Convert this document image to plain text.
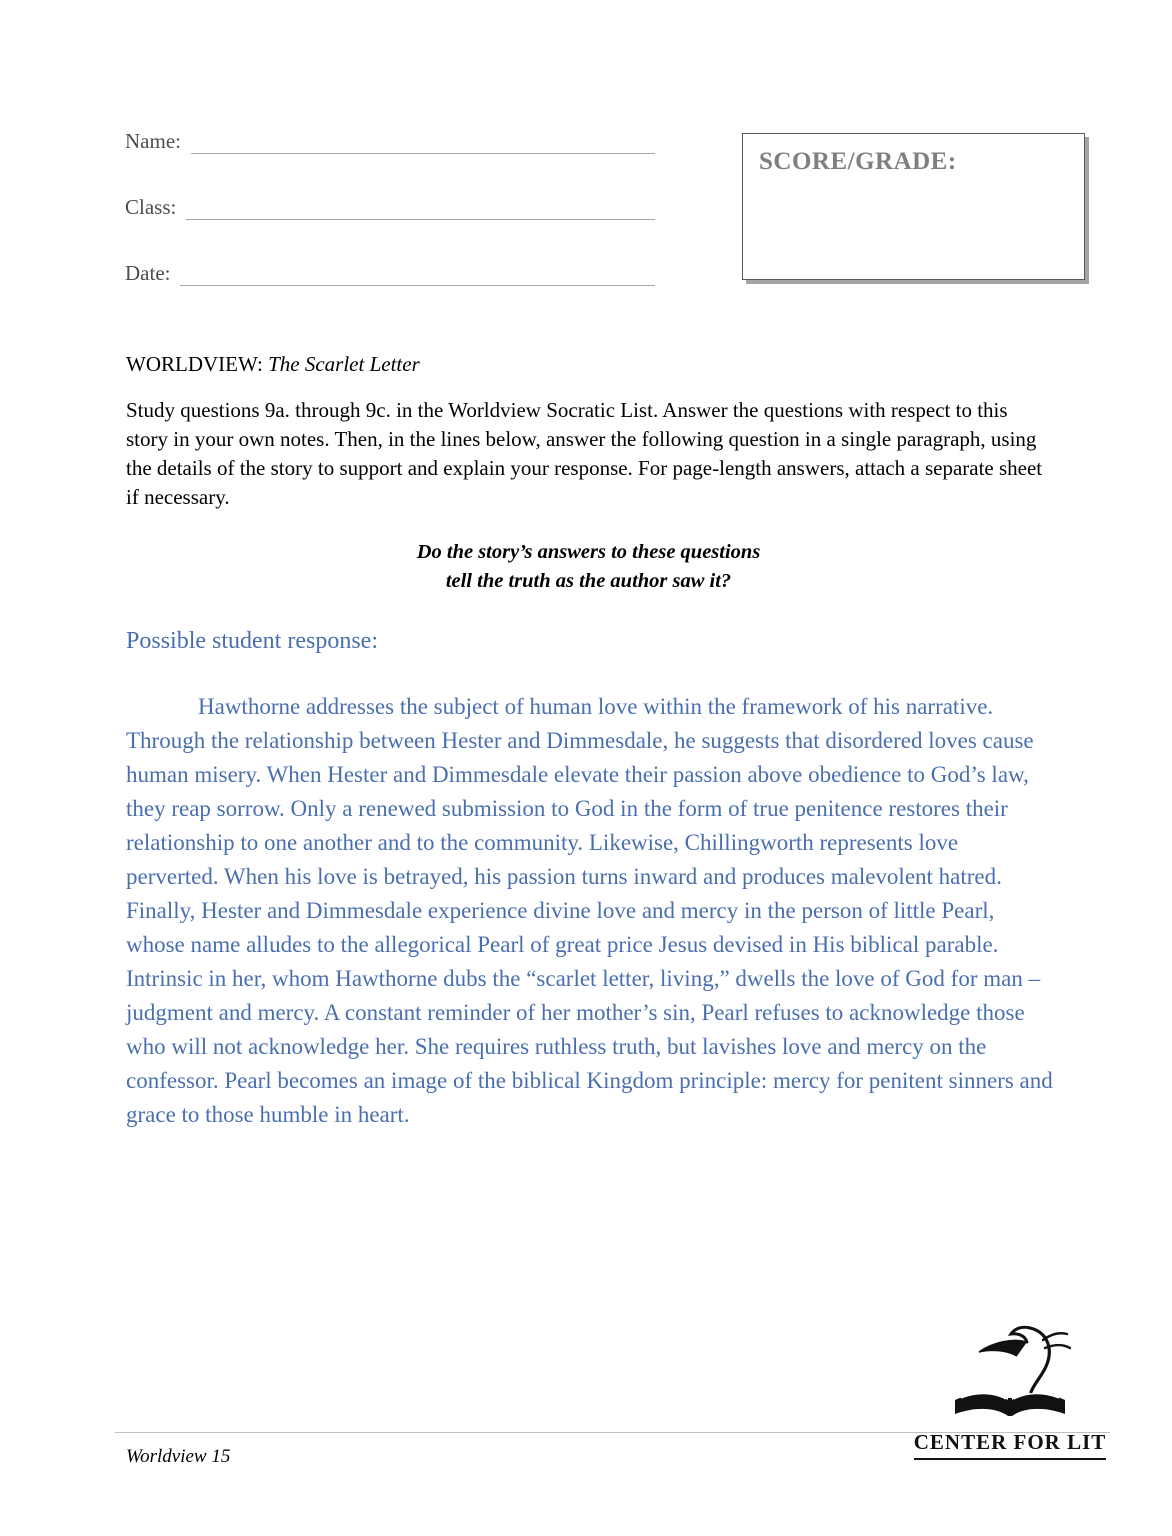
Name:
Class:
Date:
SCORE/GRADE:
WORLDVIEW: The Scarlet Letter
Study questions 9a. through 9c. in the Worldview Socratic List. Answer the questions with respect to this story in your own notes. Then, in the lines below, answer the following question in a single paragraph, using the details of the story to support and explain your response. For page-length answers, attach a separate sheet if necessary.
Do the story’s answers to these questions
tell the truth as the author saw it?
Possible student response:
Hawthorne addresses the subject of human love within the framework of his narrative. Through the relationship between Hester and Dimmesdale, he suggests that disordered loves cause human misery. When Hester and Dimmesdale elevate their passion above obedience to God’s law, they reap sorrow. Only a renewed submission to God in the form of true penitence restores their relationship to one another and to the community. Likewise, Chillingworth represents love perverted. When his love is betrayed, his passion turns inward and produces malevolent hatred. Finally, Hester and Dimmesdale experience divine love and mercy in the person of little Pearl, whose name alludes to the allegorical Pearl of great price Jesus devised in His biblical parable. Intrinsic in her, whom Hawthorne dubs the “scarlet letter, living,” dwells the love of God for man –judgment and mercy. A constant reminder of her mother’s sin, Pearl refuses to acknowledge those who will not acknowledge her. She requires ruthless truth, but lavishes love and mercy on the confessor. Pearl becomes an image of the biblical Kingdom principle: mercy for penitent sinners and grace to those humble in heart.
Worldview 15
CENTER FOR LIT
